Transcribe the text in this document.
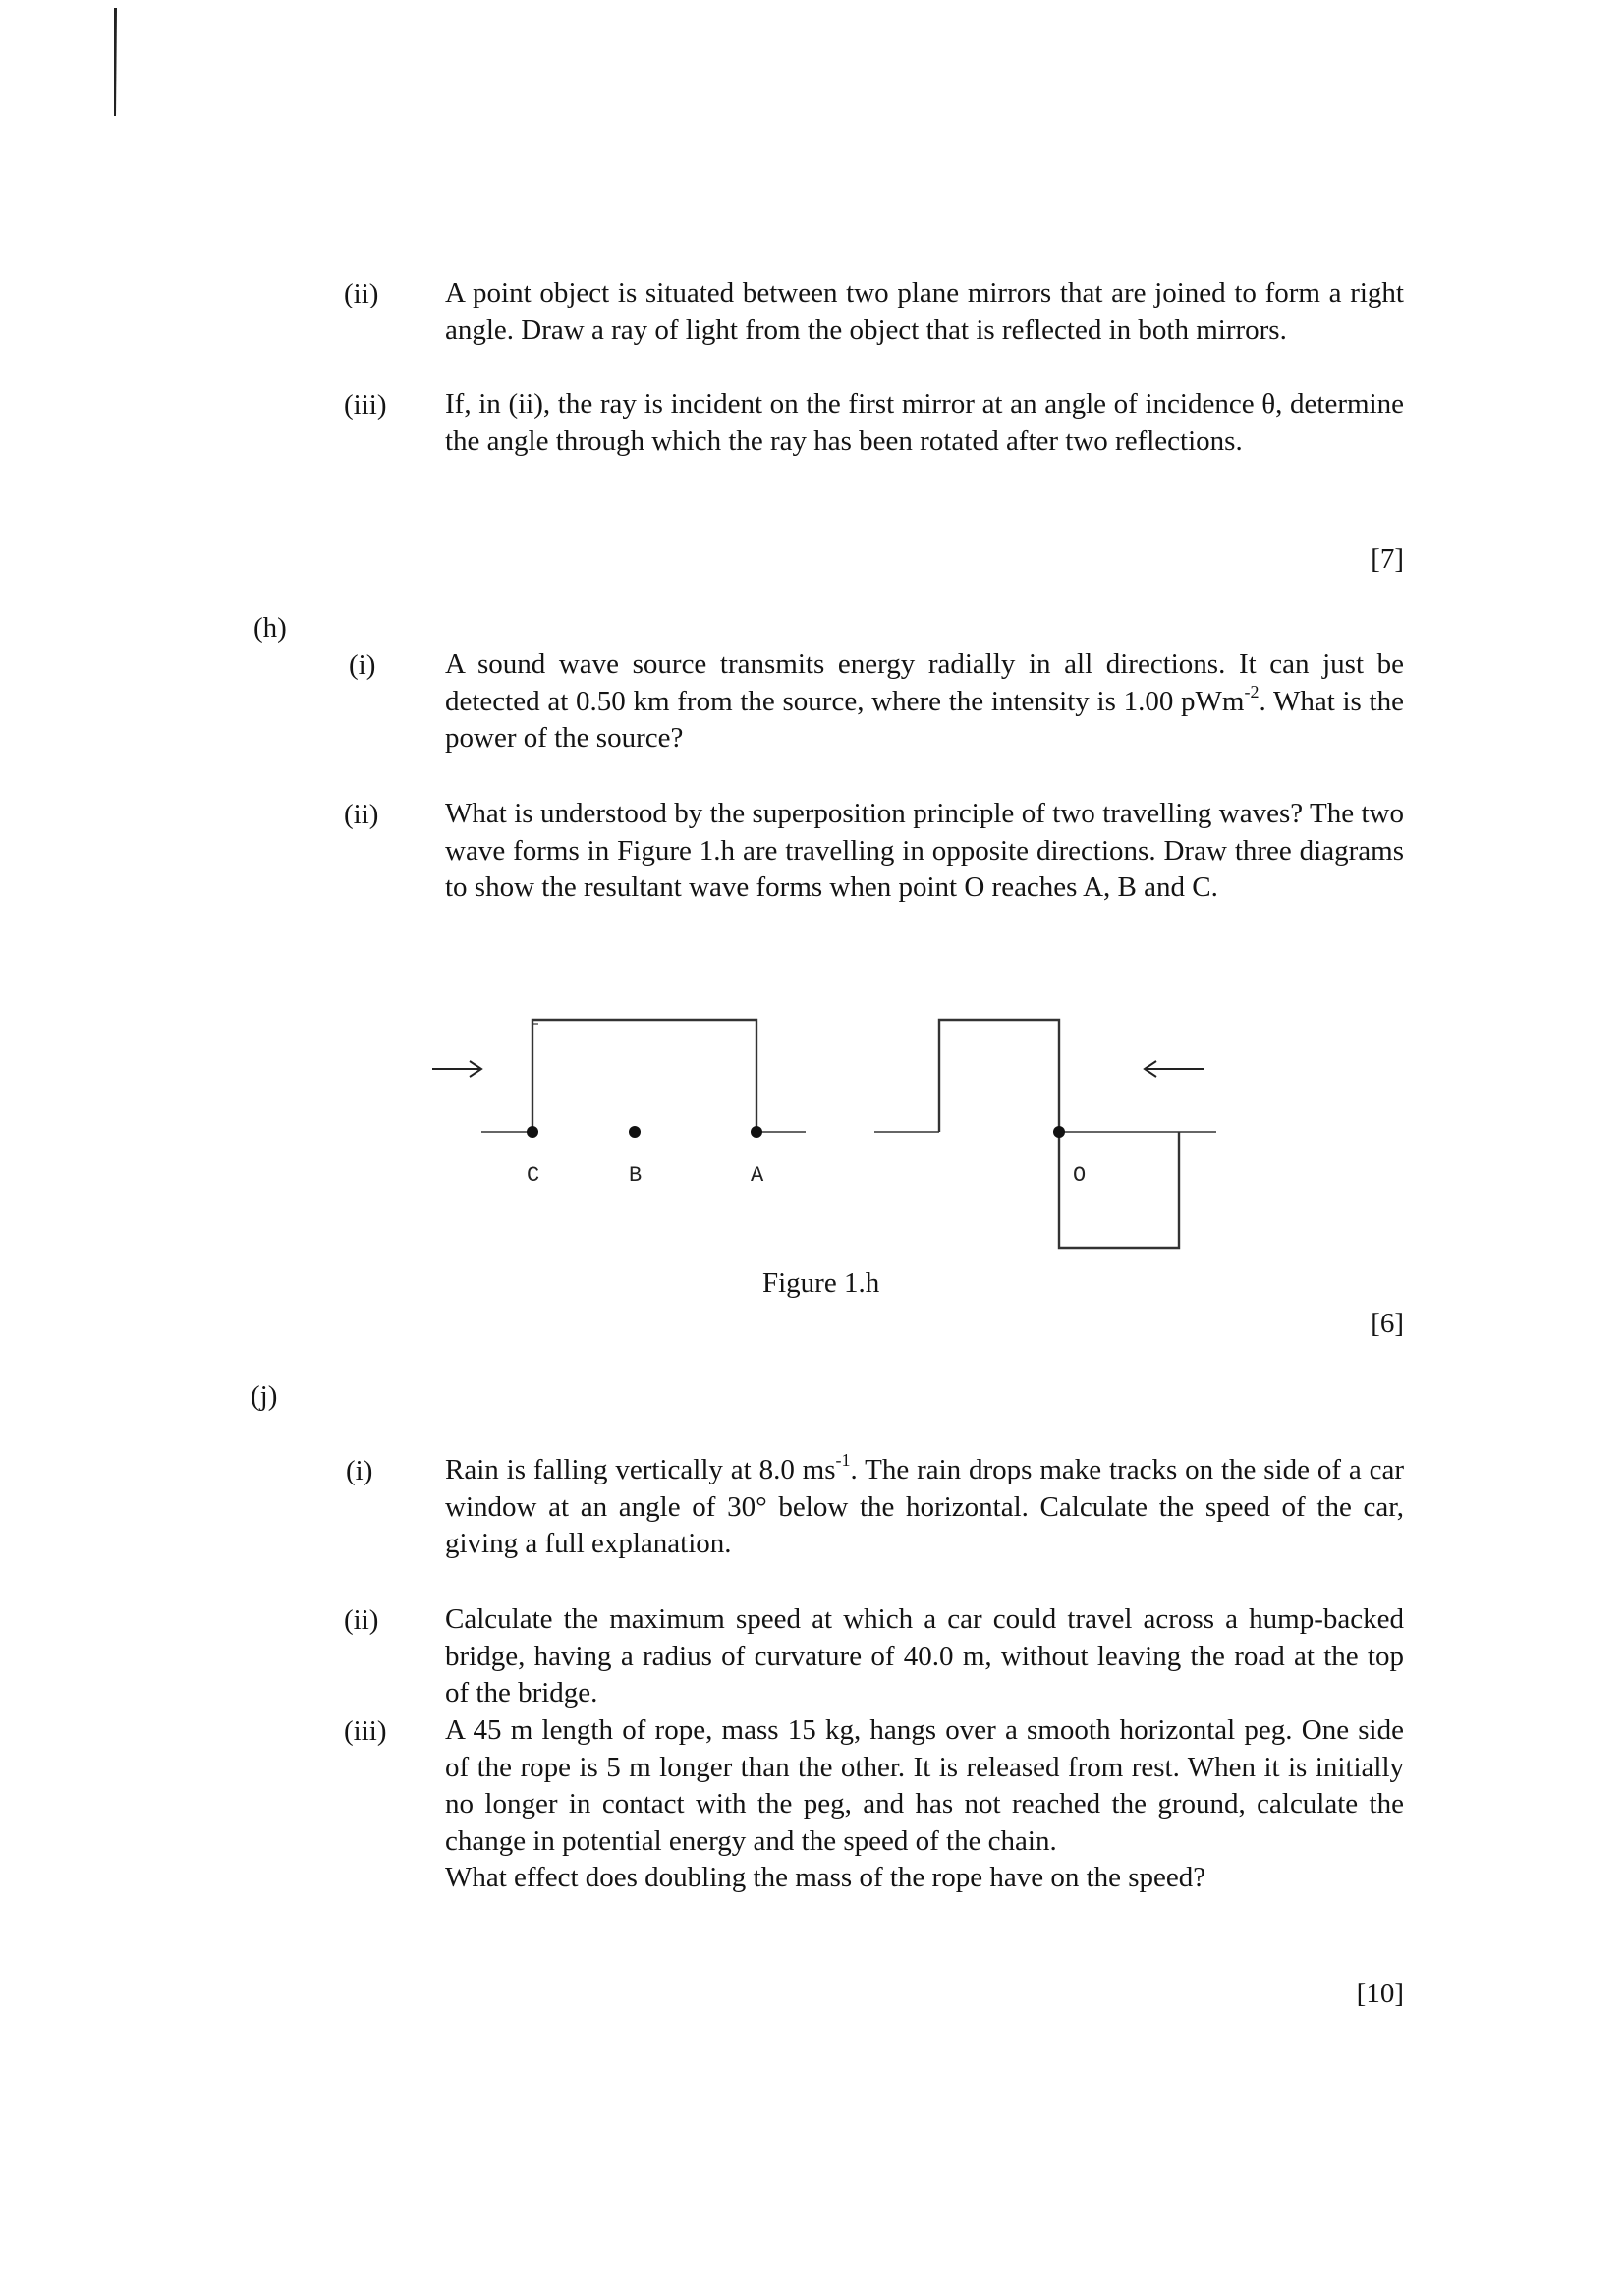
(ii) A point object is situated between two plane mirrors that are joined to form a right angle. Draw a ray of light from the object that is reflected in both mirrors.
(iii) If, in (ii), the ray is incident on the first mirror at an angle of incidence θ, determine the angle through which the ray has been rotated after two reflections.
[7]
(h)
(i) A sound wave source transmits energy radially in all directions. It can just be detected at 0.50 km from the source, where the intensity is 1.00 pWm$^{-2}$. What is the power of the source?
(ii) What is understood by the superposition principle of two travelling waves? The two wave forms in Figure 1.h are travelling in opposite directions. Draw three diagrams to show the resultant wave forms when point O reaches A, B and C.
C	B	A	O
Figure 1.h
[6]
(j)
(i)	Rain is falling vertically at 8.0 $ms^{-1}$. The rain drops make tracks on the side of a car window at an angle of 30° below the horizontal. Calculate the speed of the car, giving a full explanation.
(ii) Calculate the maximum speed at which a car could travel across a hump-backed bridge, having a radius of curvature of 40.0 m, without leaving the road at the top of the bridge.
(iii) A 45 m length of rope, mass 15 kg, hangs over a smooth horizontal peg. One side of the rope is 5 m longer than the other. It is released from rest. When it is initially no longer in contact with the peg, and has not reached the ground, calculate the change in potential energy and the speed of the chain.
What effect does doubling the mass of the rope have on the speed?
[10]
